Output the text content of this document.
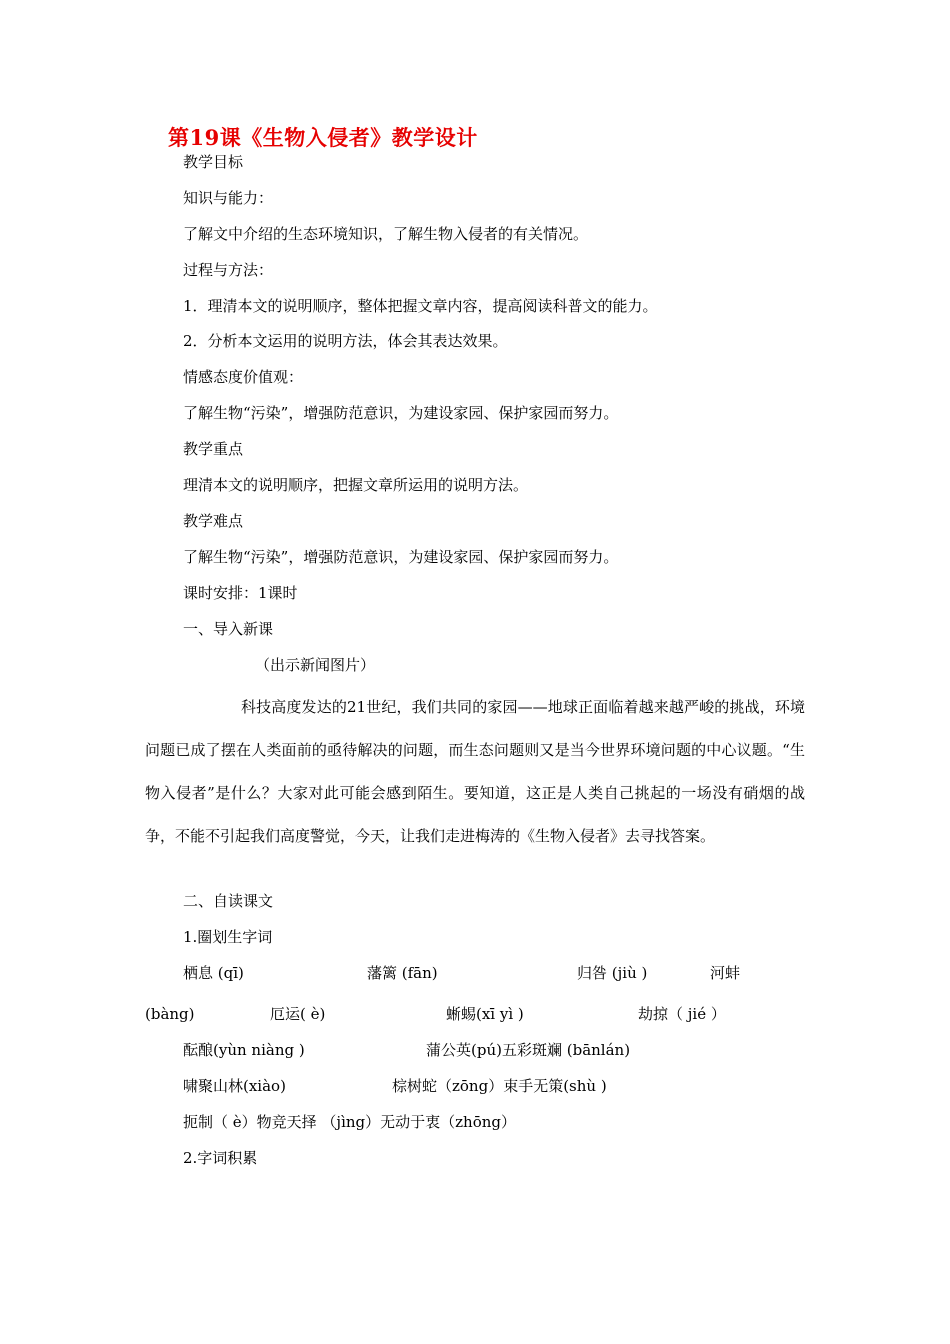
第19课《生物入侵者》教学设计
教学目标
知识与能力：
了解文中介绍的生态环境知识，了解生物入侵者的有关情况。
过程与方法：
1．理清本文的说明顺序，整体把握文章内容，提高阅读科普文的能力。
2．分析本文运用的说明方法，体会其表达效果。
情感态度价值观：
了解生物“污染”，增强防范意识，为建设家园、保护家园而努力。
教学重点
理清本文的说明顺序，把握文章所运用的说明方法。
教学难点
了解生物“污染”，增强防范意识，为建设家园、保护家园而努力。
课时安排：1课时
一、导入新课
（出示新闻图片）
科技高度发达的21世纪，我们共同的家园——地球正面临着越来越严峻的挑战，环境问题已成了摆在人类面前的亟待解决的问题，而生态问题则又是当今世界环境问题的中心议题。“生物入侵者”是什么？大家对此可能会感到陌生。要知道，这正是人类自己挑起的一场没有硝烟的战争，不能不引起我们高度警觉，今天，让我们走进梅涛的《生物入侵者》去寻找答案。
二、自读课文
1.圈划生字词
栖息 (qī)	藩篱 (fān)	归咎 (jiù )	河蚌
(bàng)	厄运( è)	蜥蜴(xī yì )	劫掠（ jié ）
酝酿(yùn niàng )	蒲公英(pú)五彩斑斓 (bānlán)
啸聚山林(xiào)	棕树蛇（zōng）束手无策(shù )
扼制（ è）物竞天择 （jìng）无动于衷（zhōng）
2.字词积累
